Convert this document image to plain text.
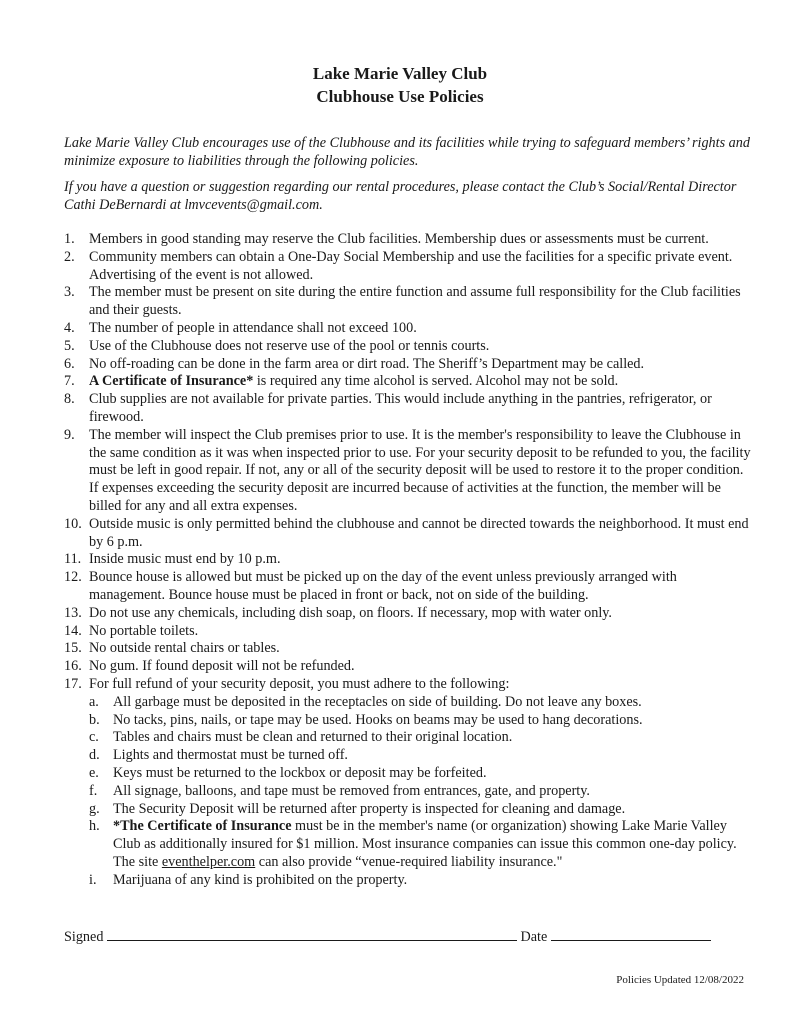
Lake Marie Valley Club
Clubhouse Use Policies

Lake Marie Valley Club encourages use of the Clubhouse and its facilities while trying to safeguard members’ rights and minimize exposure to liabilities through the following policies.

If you have a question or suggestion regarding our rental procedures, please contact the Club’s Social/Rental Director Cathi DeBernardi at lmvcevents@gmail.com.

1. Members in good standing may reserve the Club facilities. Membership dues or assessments must be current.
2. Community members can obtain a One-Day Social Membership and use the facilities for a specific private event. Advertising of the event is not allowed.
3. The member must be present on site during the entire function and assume full responsibility for the Club facilities and their guests.
4. The number of people in attendance shall not exceed 100.
5. Use of the Clubhouse does not reserve use of the pool or tennis courts.
6. No off-roading can be done in the farm area or dirt road. The Sheriff’s Department may be called.
7. A Certificate of Insurance* is required any time alcohol is served. Alcohol may not be sold.
8. Club supplies are not available for private parties. This would include anything in the pantries, refrigerator, or firewood.
9. The member will inspect the Club premises prior to use. It is the member's responsibility to leave the Clubhouse in the same condition as it was when inspected prior to use. For your security deposit to be refunded to you, the facility must be left in good repair. If not, any or all of the security deposit will be used to restore it to the proper condition. If expenses exceeding the security deposit are incurred because of activities at the function, the member will be billed for any and all extra expenses.
10. Outside music is only permitted behind the clubhouse and cannot be directed towards the neighborhood. It must end by 6 p.m.
11. Inside music must end by 10 p.m.
12. Bounce house is allowed but must be picked up on the day of the event unless previously arranged with management. Bounce house must be placed in front or back, not on side of the building.
13. Do not use any chemicals, including dish soap, on floors. If necessary, mop with water only.
14. No portable toilets.
15. No outside rental chairs or tables.
16. No gum. If found deposit will not be refunded.
17. For full refund of your security deposit, you must adhere to the following:
a. All garbage must be deposited in the receptacles on side of building. Do not leave any boxes.
b. No tacks, pins, nails, or tape may be used. Hooks on beams may be used to hang decorations.
c. Tables and chairs must be clean and returned to their original location.
d. Lights and thermostat must be turned off.
e. Keys must be returned to the lockbox or deposit may be forfeited.
f. All signage, balloons, and tape must be removed from entrances, gate, and property.
g. The Security Deposit will be returned after property is inspected for cleaning and damage.
h. *The Certificate of Insurance must be in the member's name (or organization) showing Lake Marie Valley Club as additionally insured for $1 million. Most insurance companies can issue this common one-day policy. The site eventhelper.com can also provide “venue-required liability insurance."
i. Marijuana of any kind is prohibited on the property.
Signed	Date
Policies Updated 12/08/2022
